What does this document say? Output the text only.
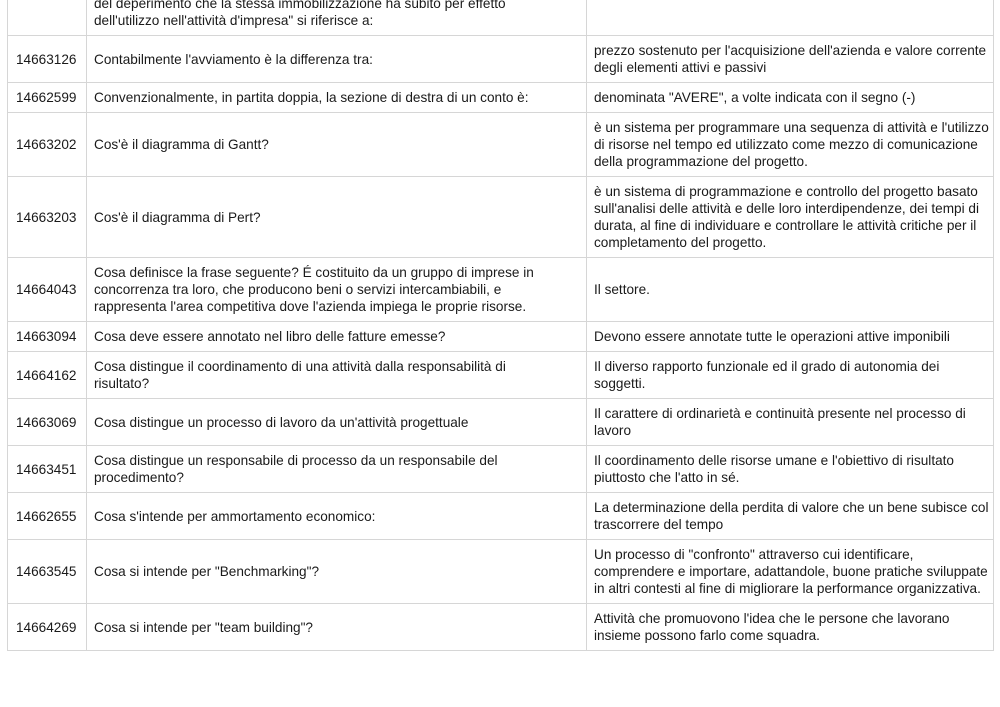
	del deperimento che la stessa immobilizzazione ha subito per effetto dell'utilizzo nell'attività d'impresa" si riferisce a:	
14663126	Contabilmente l'avviamento è la differenza tra:	prezzo sostenuto per l'acquisizione dell'azienda e valore corrente degli elementi attivi e passivi
14662599	Convenzionalmente, in partita doppia, la sezione di destra di un conto è:	denominata "AVERE", a volte indicata con il segno (-)
14663202	Cos'è il diagramma di Gantt?	è un sistema per programmare una sequenza di attività e l'utilizzo di risorse nel tempo ed utilizzato come mezzo di comunicazione della programmazione del progetto.
14663203	Cos'è il diagramma di Pert?	è un sistema di programmazione e controllo del progetto basato sull'analisi delle attività e delle loro interdipendenze, dei tempi di durata, al fine di individuare e controllare le attività critiche per il completamento del progetto.
14664043	Cosa definisce la frase seguente? É costituito da un gruppo di imprese in concorrenza tra loro, che producono beni o servizi intercambiabili, e rappresenta l'area competitiva dove l'azienda impiega le proprie risorse.	Il settore.
14663094	Cosa deve essere annotato nel libro delle fatture emesse?	Devono essere annotate tutte le operazioni attive imponibili
14664162	Cosa distingue il coordinamento di una attività dalla responsabilità di risultato?	Il diverso rapporto funzionale ed il grado di autonomia dei soggetti.
14663069	Cosa distingue un processo di lavoro da un'attività progettuale	Il carattere di ordinarietà e continuità presente nel processo di lavoro
14663451	Cosa distingue un responsabile di processo da un responsabile del procedimento?	Il coordinamento delle risorse umane e l'obiettivo di risultato piuttosto che l'atto in sé.
14662655	Cosa s'intende per ammortamento economico:	La determinazione della perdita di valore che un bene subisce col trascorrere del tempo
14663545	Cosa si intende per "Benchmarking"?	Un processo di "confronto" attraverso cui identificare, comprendere e importare, adattandole, buone pratiche sviluppate in altri contesti al fine di migliorare la performance organizzativa.
14664269	Cosa si intende per "team building"?	Attività che promuovono l'idea che le persone che lavorano insieme possono farlo come squadra.
